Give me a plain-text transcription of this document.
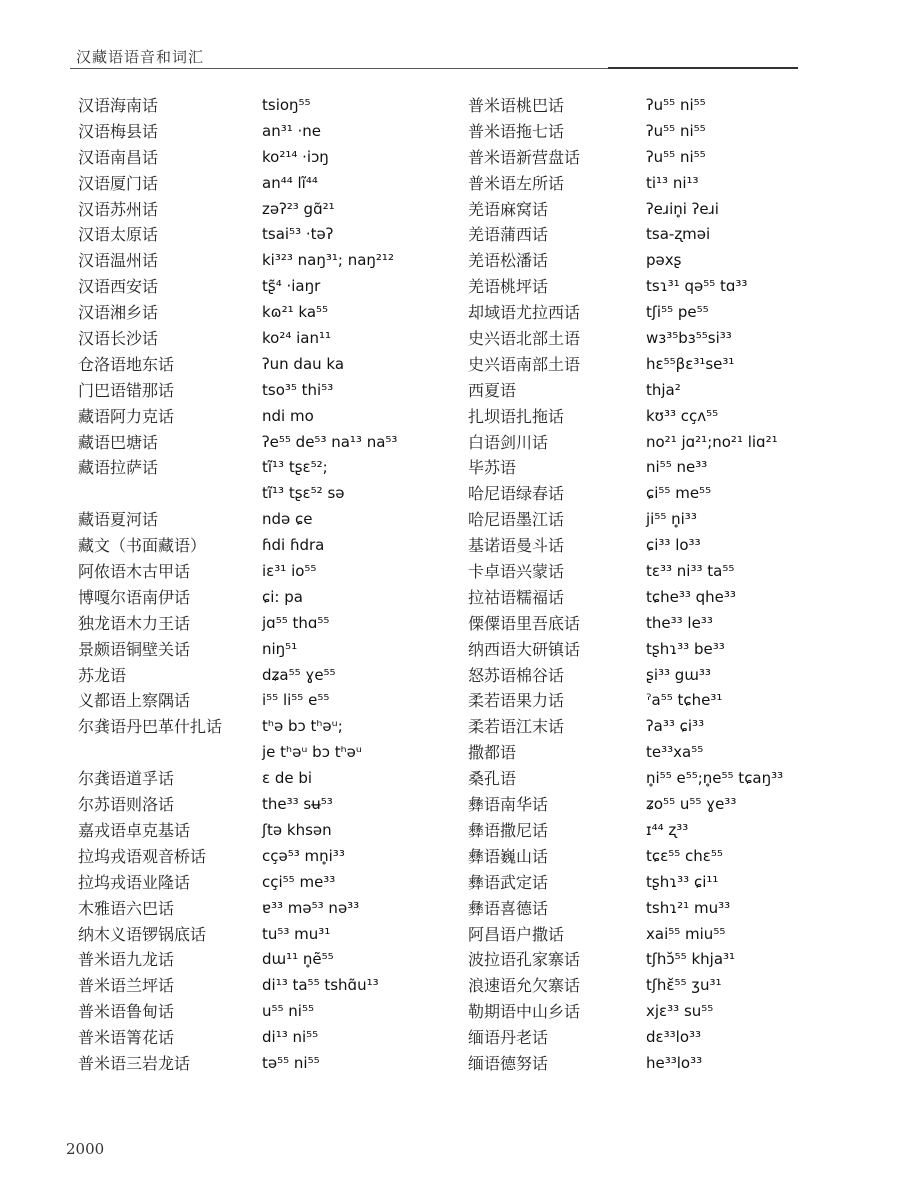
汉藏语语音和词汇
汉语海南话	tsioŋ⁵⁵
汉语梅县话	an³¹ ·ne
汉语南昌话	ko²¹⁴ ·iɔŋ
汉语厦门话	an⁴⁴ lĩ⁴⁴
汉语苏州话	zəʔ²³ gɑ̃²¹
汉语太原话	tsai⁵³ ·təʔ
汉语温州话	ki³²³ naŋ³¹; naŋ²¹²
汉语西安话	tʂ̃⁴ ·iaŋr
汉语湘乡话	kɷ²¹ ka⁵⁵
汉语长沙话	ko²⁴ ian¹¹
仓洛语地东话	ʔun dau ka
门巴语错那话	tso³⁵ thi⁵³
藏语阿力克话	ndi mo
藏语巴塘话	ʔe⁵⁵ de⁵³ na¹³ na⁵³
藏语拉萨话	tĩ¹³ tʂɛ⁵²;
tĩ¹³ tʂɛ⁵² sə
藏语夏河话	ndə ɕe
藏文（书面藏语）	ɦdi ɦdra
阿侬语木古甲话	iɛ³¹ io⁵⁵
博嘎尔语南伊话	ɕi: pa
独龙语木力王话	jɑ⁵⁵ thɑ⁵⁵
景颇语铜壁关话	niŋ⁵¹
苏龙语	dʑa⁵⁵ ɣe⁵⁵
义都语上察隅话	i⁵⁵ li⁵⁵ e⁵⁵
尔龚语丹巴革什扎话	tʰə bɔ tʰəᵘ;
je tʰəᵘ bɔ tʰəᵘ
尔龚语道孚话	ɛ de bi
尔苏语则洛话	the³³ sʉ⁵³
嘉戎语卓克基话	ʃtə khsən
拉坞戎语观音桥话	cçə⁵³ mn̥i³³
拉坞戎语业隆话	cçi⁵⁵ me³³
木雅语六巴话	ɐ³³ mə⁵³ nə³³
纳木义语锣锅底话	tu⁵³ mu³¹
普米语九龙话	dɯ¹¹ n̥ẽ⁵⁵
普米语兰坪话	di¹³ ta⁵⁵ tshɑ̃u¹³
普米语鲁甸话	u⁵⁵ ni⁵⁵
普米语箐花话	di¹³ ni⁵⁵
普米语三岩龙话	tə⁵⁵ ni⁵⁵
普米语桃巴话	ʔu⁵⁵ ni⁵⁵
普米语拖七话	ʔu⁵⁵ ni⁵⁵
普米语新营盘话	ʔu⁵⁵ ni⁵⁵
普米语左所话	ti¹³ ni¹³
羌语麻窝话	ʔeɹin̥i ʔeɹi
羌语蒲西话	tsa-ʐməi
羌语松潘话	pəxʂ
羌语桃坪话	tsɿ³¹ qə⁵⁵ tɑ³³
却域语尤拉西话	tʃi⁵⁵ pe⁵⁵
史兴语北部土语	wɜ³⁵bɜ⁵⁵si³³
史兴语南部土语	hɛ⁵⁵βɛ³¹se³¹
西夏语	thja²
扎坝语扎拖话	kʊ³³ cçʌ⁵⁵
白语剑川话	no²¹ jɑ²¹;no²¹ liɑ²¹
毕苏语	ni⁵⁵ ne³³
哈尼语绿春话	ɕi⁵⁵ me⁵⁵
哈尼语墨江话	ji⁵⁵ n̥i³³
基诺语曼斗话	ɕi³³ lo³³
卡卓语兴蒙话	tɛ³³ ni³³ ta⁵⁵
拉祜语糯福话	tɕhe³³ qhe³³
傈僳语里吾底话	the³³ le³³
纳西语大研镇话	tʂhɿ³³ be³³
怒苏语棉谷话	ʂi³³ gɯ³³
柔若语果力话	ˀa⁵⁵ tɕhe³¹
柔若语江末话	ʔa³³ ɕi³³
撒都语	te³³xa⁵⁵
桑孔语	n̥i⁵⁵ e⁵⁵;n̥e⁵⁵ tɕaŋ³³
彝语南华话	ʑo⁵⁵ u⁵⁵ ɣe³³
彝语撒尼话	ɪ⁴⁴ ʐ³³
彝语巍山话	tɕɛ⁵⁵ chɛ⁵⁵
彝语武定话	tʂhɿ³³ ɕi¹¹
彝语喜德话	tshɿ²¹ mu³³
阿昌语户撒话	xai⁵⁵ miu⁵⁵
波拉语孔家寨话	tʃhɔ̆⁵⁵ khja³¹
浪速语允欠寨话	tʃhɛ̆⁵⁵ ʒu³¹
勒期语中山乡话	xjɛ³³ su⁵⁵
缅语丹老话	dɛ³³lo³³
缅语德努话	he³³lo³³
2000
